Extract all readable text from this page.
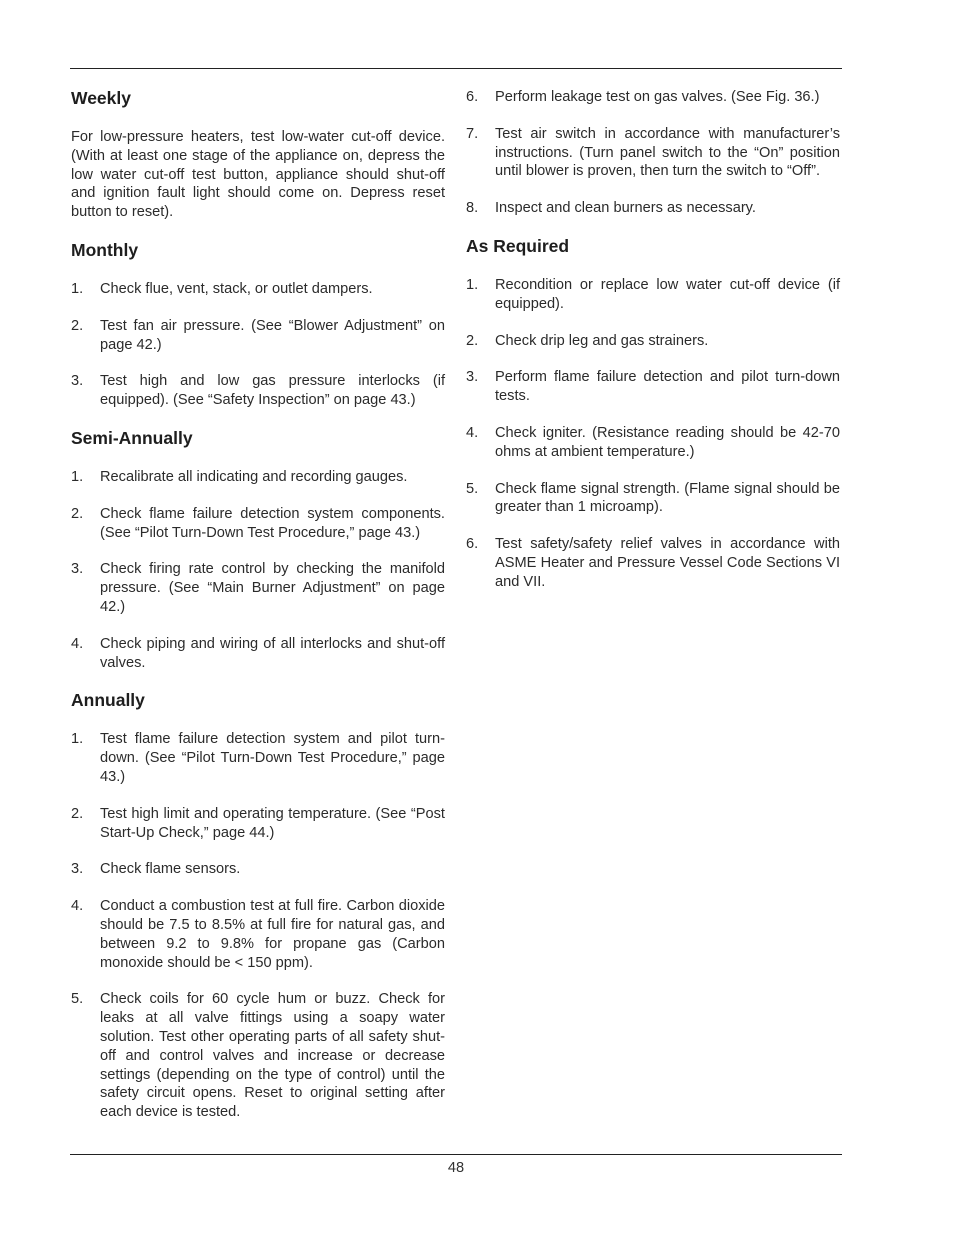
Weekly

For low-pressure heaters, test low-water cut-off device. (With at least one stage of the appliance on, depress the low water cut-off test button, appliance should shut-off and ignition fault light should come on. Depress reset button to reset).

Monthly
1. Check flue, vent, stack, or outlet dampers.
2. Test fan air pressure. (See “Blower Adjustment” on page 42.)
3. Test high and low gas pressure interlocks (if equipped). (See “Safety Inspection” on page 43.)
Semi-Annually
1. Recalibrate all indicating and recording gauges.
2. Check flame failure detection system components. (See “Pilot Turn-Down Test Procedure,” page 43.)
3. Check firing rate control by checking the manifold pressure. (See “Main Burner Adjustment” on page 42.)
4. Check piping and wiring of all interlocks and shut-off valves.
Annually
1. Test flame failure detection system and pilot turn-down. (See “Pilot Turn-Down Test Procedure,” page 43.)
2. Test high limit and operating temperature. (See “Post Start-Up Check,” page 44.)
3. Check flame sensors.
4. Conduct a combustion test at full fire. Carbon dioxide should be 7.5 to 8.5% at full fire for natural gas, and between 9.2 to 9.8% for propane gas (Carbon monoxide should be < 150 ppm).
5. Check coils for 60 cycle hum or buzz. Check for leaks at all valve fittings using a soapy water solution. Test other operating parts of all safety shut-off and control valves and increase or decrease settings (depending on the type of control) until the safety circuit opens. Reset to original setting after each device is tested.
6. Perform leakage test on gas valves. (See Fig. 36.)
7. Test air switch in accordance with manufacturer’s instructions. (Turn panel switch to the “On” position until blower is proven, then turn the switch to “Off”.
8. Inspect and clean burners as necessary.
As Required
1. Recondition or replace low water cut-off device (if equipped).
2. Check drip leg and gas strainers.
3. Perform flame failure detection and pilot turn-down tests.
4. Check igniter. (Resistance reading should be 42-70 ohms at ambient temperature.)
5. Check flame signal strength. (Flame signal should be greater than 1 microamp).
6. Test safety/safety relief valves in accordance with ASME Heater and Pressure Vessel Code Sections VI and VII.
48
